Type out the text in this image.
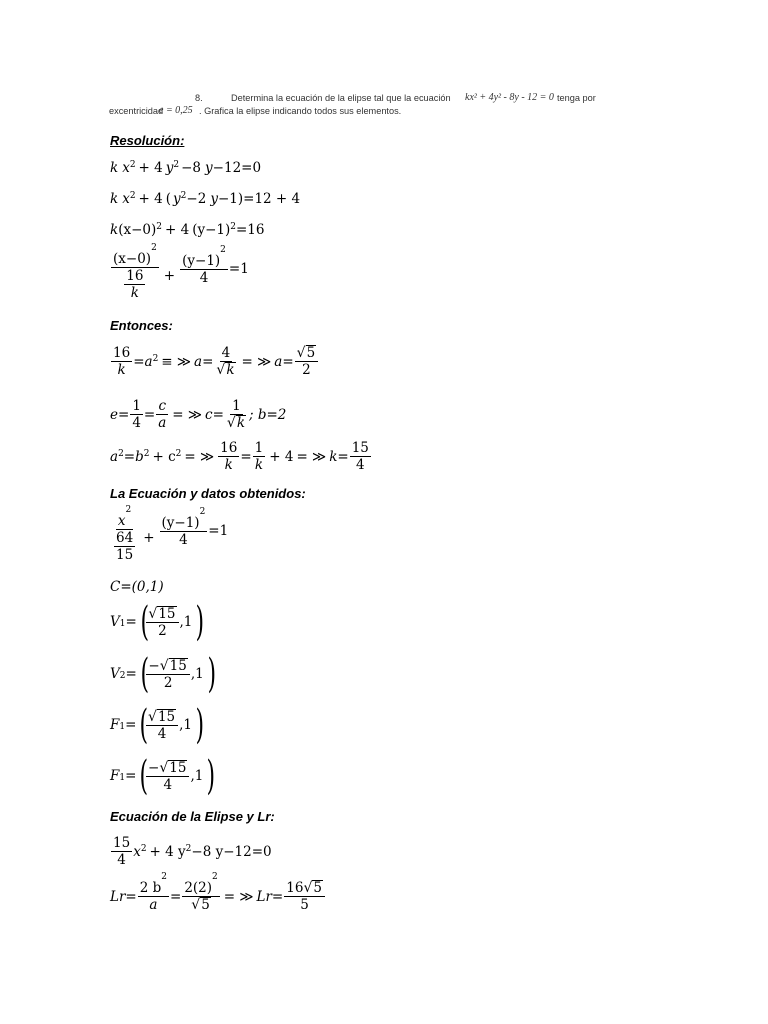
8.	Determina la ecuación de la elipse tal que la ecuación kx² + 4y² - 8y - 12 = 0 tenga por
excentricidad
e = 0,25 . Grafica la elipse indicando todos sus elementos.
Resolución:
k $x^2 + 4$ $y^2 -8$ y −12=0
k $x^2 + 4$ ( $y^2 -2$ y −1 ) =12 + 4
k $(x-0)^2 + 4$ $(y-1)^2 =16$
$\frac{(x-0)^2}{\frac{16}{k}} + \frac{(y-1)^2}{4} =1$
Entonces:
$\frac{16}{k} =a^2$ ≡ ≫ $a= \frac{4}{√ k}$ = ≫ $a= \frac{√ 5}{2}$
$e= \frac{1}{4} = \frac{c}{a}$ = ≫ $c= \frac{1}{√ k}$ ; b=2
$a^2 =b^2 + c^2$ = ≫ $\frac{16}{k} = \frac{1}{k} + 4$ = ≫ $k= \frac{15}{4}$
La Ecuación y datos obtenidos:
$\frac{x^2}{\frac{64}{15}} + \frac{(y-1)^2}{4} =1$
C=(0,1)
$V_1$ = (
$\frac{√ 15}{2} ,1$ )
$V_2$ = (
$\frac{- √ 15}{2} ,1$ )
$F_1$ = (
$\frac{√ 15}{4} ,1$ )
$F_1$ = (
$\frac{- √ 15}{4} ,1$ )
Ecuación de la Elipse y Lr:
$\frac{15}{4} x^2 + 4$ $y^2 -8$ y−12=0
$Lr= \frac{2 b^2}{a} = \frac{2(2)^2}{√ 5}$ = ≫ $Lr= \frac{16 √ 5}{5}$
